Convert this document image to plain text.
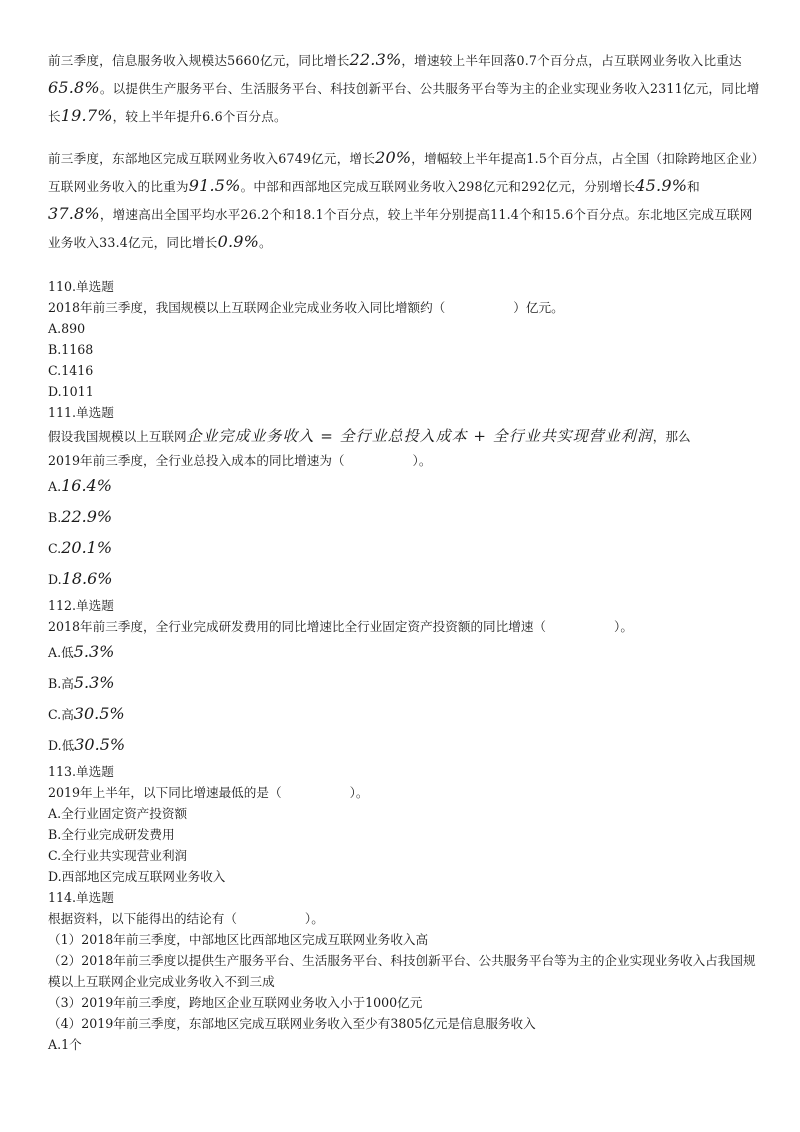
前三季度，信息服务收入规模达5660亿元，同比增长22.3%，增速较上半年回落0.7个百分点，占互联网业务收入比重达65.8%。以提供生产服务平台、生活服务平台、科技创新平台、公共服务平台等为主的企业实现业务收入2311亿元，同比增长19.7%，较上半年提升6.6个百分点。

前三季度，东部地区完成互联网业务收入6749亿元，增长20%，增幅较上半年提高1.5个百分点，占全国（扣除跨地区企业）互联网业务收入的比重为91.5%。中部和西部地区完成互联网业务收入298亿元和292亿元，分别增长45.9%和37.8%，增速高出全国平均水平26.2个和18.1个百分点，较上半年分别提高11.4个和15.6个百分点。东北地区完成互联网业务收入33.4亿元，同比增长0.9%。

110.单选题

2018年前三季度，我国规模以上互联网企业完成业务收入同比增额约（	）亿元。

A.890

B.1168

C.1416

D.1011

111.单选题

假设我国规模以上互联网企业完成业务收入 = 全行业总投入成本 + 全行业共实现营业利润，那么

2019年前三季度，全行业总投入成本的同比增速为（	）。

A.16.4%

B.22.9%

C.20.1%

D.18.6%

112.单选题

2018年前三季度，全行业完成研发费用的同比增速比全行业固定资产投资额的同比增速（	）。

A.低5.3%

B.高5.3%

C.高30.5%

D.低30.5%

113.单选题

2019年上半年，以下同比增速最低的是（	）。

A.全行业固定资产投资额

B.全行业完成研发费用

C.全行业共实现营业利润

D.西部地区完成互联网业务收入

114.单选题

根据资料，以下能得出的结论有（	）。

（1）2018年前三季度，中部地区比西部地区完成互联网业务收入高

（2）2018年前三季度以提供生产服务平台、生活服务平台、科技创新平台、公共服务平台等为主的企业实现业务收入占我国规模以上互联网企业完成业务收入不到三成

（3）2019年前三季度，跨地区企业互联网业务收入小于1000亿元

（4）2019年前三季度，东部地区完成互联网业务收入至少有3805亿元是信息服务收入

A.1个
